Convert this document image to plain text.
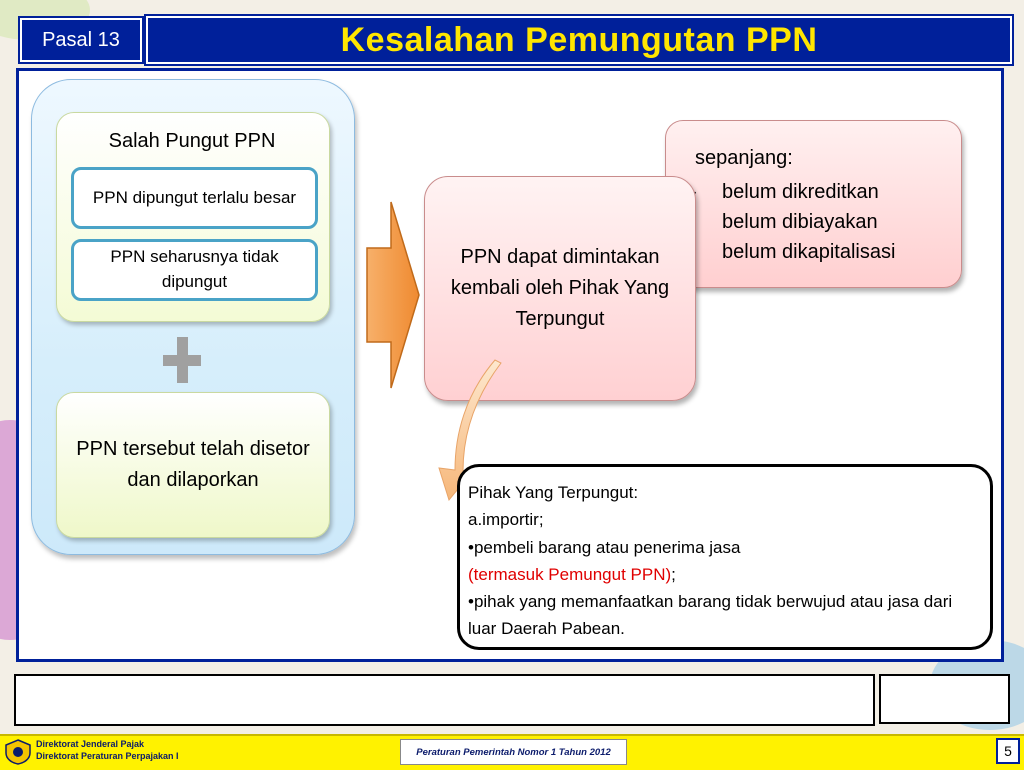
Pasal 13	Kesalahan Pemungutan PPN
Salah Pungut PPN
PPN dipungut terlalu besar
PPN seharusnya tidak dipungut
PPN tersebut telah disetor dan dilaporkan
sepanjang:
- belum dikreditkan
- belum dibiayakan
- belum dikapitalisasi
PPN dapat dimintakan kembali oleh Pihak Yang Terpungut
Pihak Yang Terpungut:
a.importir;
•pembeli barang atau penerima jasa
(termasuk Pemungut PPN);
•pihak yang memanfaatkan barang tidak berwujud atau jasa dari luar Daerah Pabean.
Direktorat Jenderal Pajak
Direktorat Peraturan Perpajakan I	Peraturan Pemerintah Nomor 1 Tahun 2012	5
